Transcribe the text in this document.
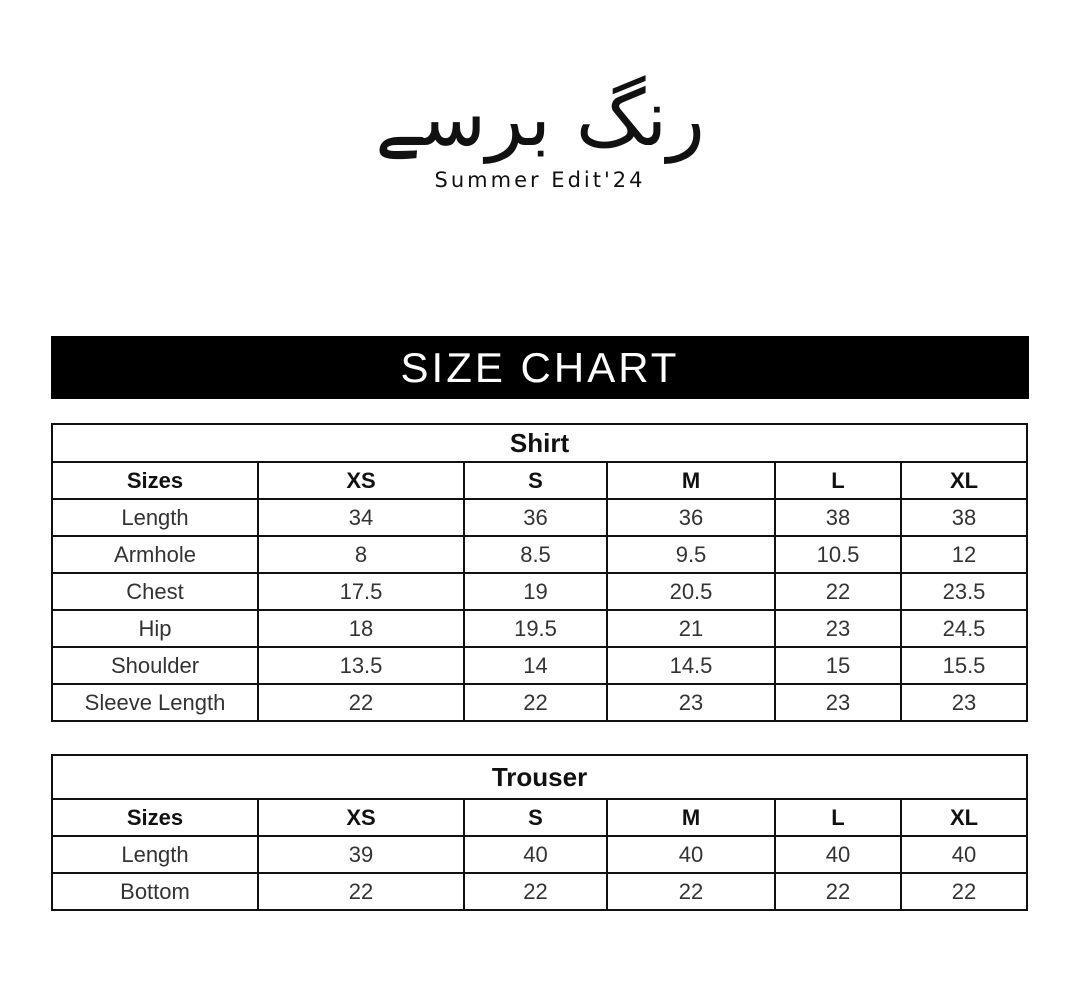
رنگ برسے
Summer Edit'24
SIZE CHART
Shirt					
Sizes	XS	S	M	L	XL
Length	34	36	36	38	38
Armhole	8	8.5	9.5	10.5	12
Chest	17.5	19	20.5	22	23.5
Hip	18	19.5	21	23	24.5
Shoulder	13.5	14	14.5	15	15.5
Sleeve Length	22	22	23	23	23
Trouser					
Sizes	XS	S	M	L	XL
Length	39	40	40	40	40
Bottom	22	22	22	22	22
